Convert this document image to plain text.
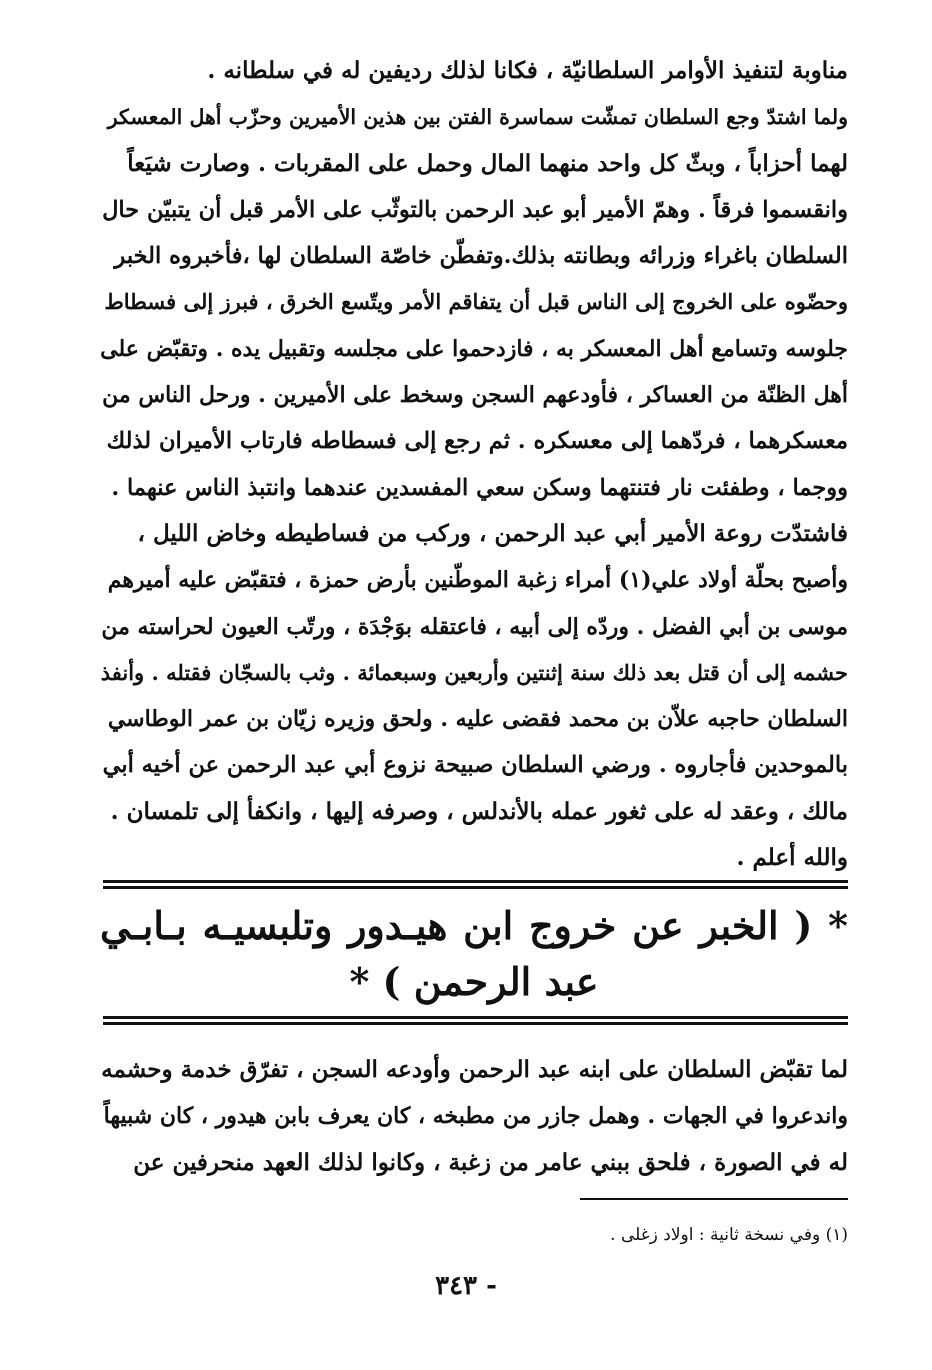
مناوبة لتنفيذ الأوامر السلطانيّة ، فكانا لذلك رديفين له في سلطانه .
ولما اشتدّ وجع السلطان تمشّت سماسرة الفتن بين هذين الأميرين وحزّب أهل المعسكر
لهما أحزاباً ، وبثّ كل واحد منهما المال وحمل على المقربات . وصارت شيَعاً
وانقسموا فرقاً . وهمّ الأمير أبو عبد الرحمن بالتوثّب على الأمر قبل أن يتبيّن حال
السلطان باغراء وزرائه وبطانته بذلك.وتفطّن خاصّة السلطان لها ،فأخبروه الخبر
وحضّوه على الخروج إلى الناس قبل أن يتفاقم الأمر ويتّسع الخرق ، فبرز إلى فسطاط
جلوسه وتسامع أهل المعسكر به ، فازدحموا على مجلسه وتقبيل يده . وتقبّض على
أهل الظنّة من العساكر ، فأودعهم السجن وسخط على الأميرين . ورحل الناس من
معسكرهما ، فردّهما إلى معسكره . ثم رجع إلى فسطاطه فارتاب الأميران لذلك
ووجما ، وطفئت نار فتنتهما وسكن سعي المفسدين عندهما وانتبذ الناس عنهما .
فاشتدّت روعة الأمير أبي عبد الرحمن ، وركب من فساطيطه وخاض الليل ،
وأصبح بحلّة أولاد علي(١) أمراء زغبة الموطّنين بأرض حمزة ، فتقبّض عليه أميرهم
موسى بن أبي الفضل . وردّه إلى أبيه ، فاعتقله بوَجْدَة ، ورتّب العيون لحراسته من
حشمه إلى أن قتل بعد ذلك سنة إثنتين وأربعين وسبعمائة . وثب بالسجّان فقتله . وأنفذ
السلطان حاجبه علاّن بن محمد فقضى عليه . ولحق وزيره زيّان بن عمر الوطاسي
بالموحدين فأجاروه . ورضي السلطان صبيحة نزوع أبي عبد الرحمن عن أخيه أبي
مالك ، وعقد له على ثغور عمله بالأندلس ، وصرفه إليها ، وانكفأ إلى تلمسان .
والله أعلم .
* ( الخبر عن خروج ابن هيـدور وتلبسيـه بـابـي
عبد الرحمن ) *
لما تقبّض السلطان على ابنه عبد الرحمن وأودعه السجن ، تفرّق خدمة وحشمه
واندعروا في الجهات . وهمل جازر من مطبخه ، كان يعرف بابن هيدور ، كان شبيهاً
له في الصورة ، فلحق ببني عامر من زغبة ، وكانوا لذلك العهد منحرفين عن
(١) وفي نسخة ثانية : اولاد زغلى .
- ٣٤٣
